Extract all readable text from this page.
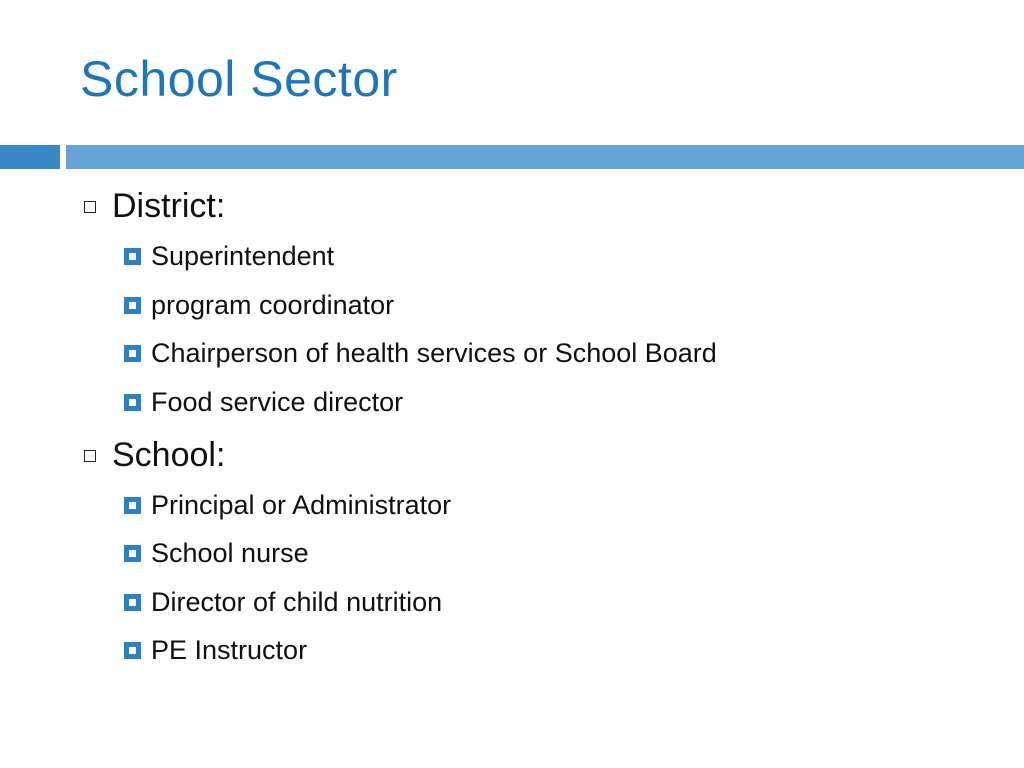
School Sector
District:
Superintendent
program coordinator
Chairperson of health services or School Board
Food service director
School:
Principal or Administrator
School nurse
Director of child nutrition
PE Instructor
